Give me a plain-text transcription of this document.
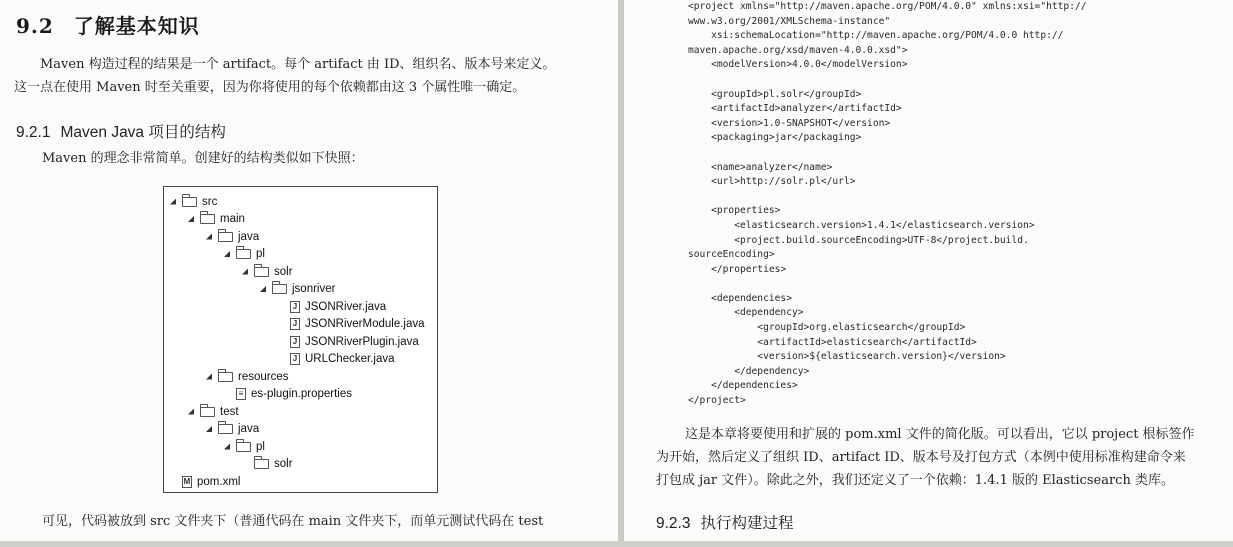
9.2 了解基本知识
Maven 构造过程的结果是一个 artifact。每个 artifact 由 ID、组织名、版本号来定义。
这一点在使用 Maven 时至关重要，因为你将使用的每个依赖都由这 3 个属性唯一确定。
9.2.1 Maven Java 项目的结构
Maven 的理念非常简单。创建好的结构类似如下快照：
src
main
java
pl
solr
jsonriver
J JSONRiver.java
J JSONRiverModule.java
J JSONRiverPlugin.java
J URLChecker.java
resources
≡ es-plugin.properties
test
java
pl
solr
M pom.xml
可见，代码被放到 src 文件夹下（普通代码在 main 文件夹下，而单元测试代码在 test
<project xmlns="http://maven.apache.org/POM/4.0.0" xmlns:xsi="http://
www.w3.org/2001/XMLSchema-instance"
xsi:schemaLocation="http://maven.apache.org/POM/4.0.0 http://
maven.apache.org/xsd/maven-4.0.0.xsd">
<modelVersion>4.0.0</modelVersion>
<groupId>pl.solr</groupId>
<artifactId>analyzer</artifactId>
<version>1.0-SNAPSHOT</version>
<packaging>jar</packaging>
<name>analyzer</name>
<url>http://solr.pl</url>
<properties>
<elasticsearch.version>1.4.1</elasticsearch.version>
<project.build.sourceEncoding>UTF-8</project.build.
sourceEncoding>
</properties>
<dependencies>
<dependency>
<groupId>org.elasticsearch</groupId>
<artifactId>elasticsearch</artifactId>
<version>${elasticsearch.version}</version>
</dependency>
</dependencies>
</project>
这是本章将要使用和扩展的 pom.xml 文件的简化版。可以看出，它以 project 根标签作
为开始，然后定义了组织 ID、artifact ID、版本号及打包方式（本例中使用标准构建命令来
打包成 jar 文件）。除此之外，我们还定义了一个依赖：1.4.1 版的 Elasticsearch 类库。
9.2.3 执行构建过程
